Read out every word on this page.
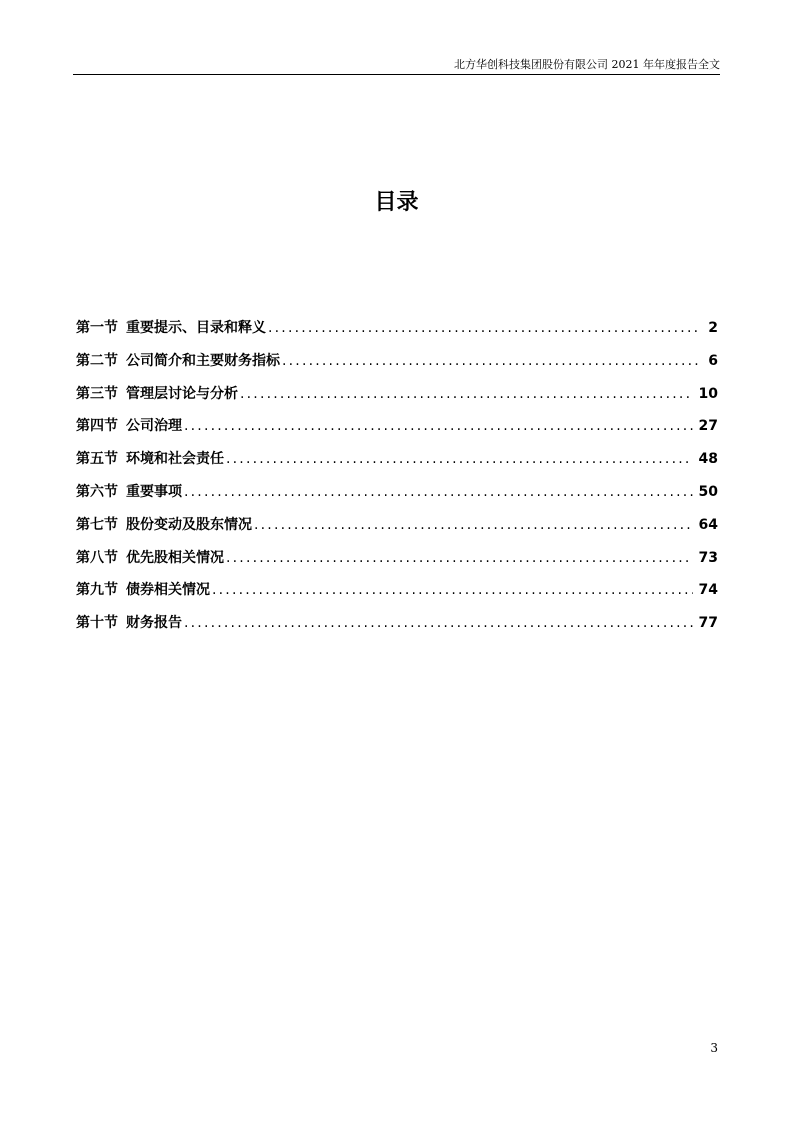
北方华创科技集团股份有限公司 2021 年年度报告全文
目录
第一节 重要提示、目录和释义 .....	2
第二节 公司简介和主要财务指标 .....	6
第三节 管理层讨论与分析 .....	10
第四节 公司治理 .....	27
第五节 环境和社会责任 .....	48
第六节 重要事项 .....	50
第七节 股份变动及股东情况 .....	64
第八节 优先股相关情况 .....	73
第九节 债券相关情况 .....	74
第十节 财务报告 .....	77
3
